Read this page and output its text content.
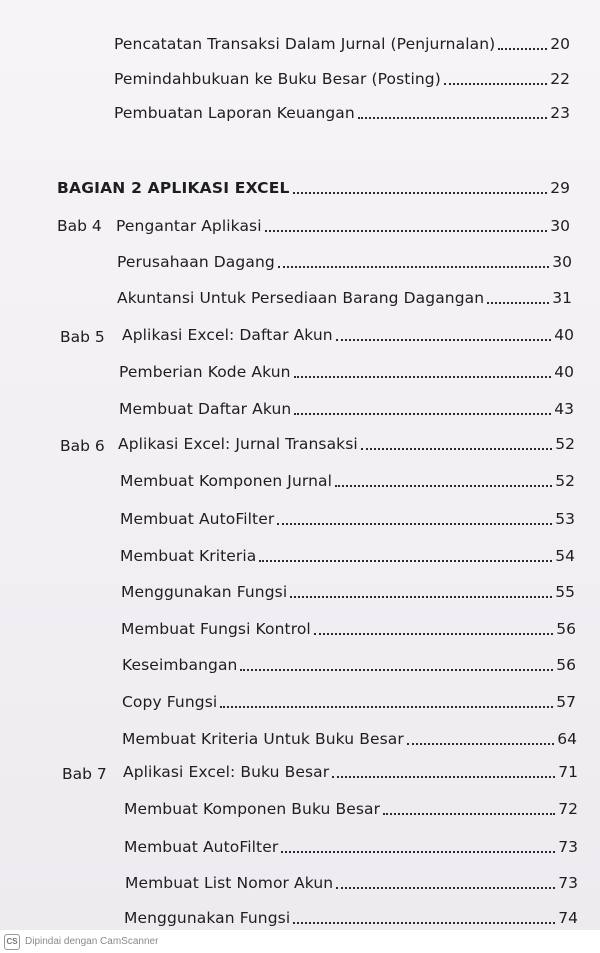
Pencatatan Transaksi Dalam Jurnal (Penjurnalan)	20
Pemindahbukuan ke Buku Besar (Posting)	22
Pembuatan Laporan Keuangan	23
BAGIAN 2 APLIKASI EXCEL	29
Bab 4 Pengantar Aplikasi	30
Perusahaan Dagang	30
Akuntansi Untuk Persediaan Barang Dagangan	31
Bab 5 Aplikasi Excel: Daftar Akun	40
Pemberian Kode Akun	40
Membuat Daftar Akun	43
Bab 6 Aplikasi Excel: Jurnal Transaksi	52
Membuat Komponen Jurnal	52
Membuat AutoFilter	53
Membuat Kriteria	54
Menggunakan Fungsi	55
Membuat Fungsi Kontrol	56
Keseimbangan	56
Copy Fungsi	57
Membuat Kriteria Untuk Buku Besar	64
Bab 7 Aplikasi Excel: Buku Besar	71
Membuat Komponen Buku Besar	72
Membuat AutoFilter	73
Membuat List Nomor Akun	73
Menggunakan Fungsi	74
CS Dipindai dengan CamScanner
